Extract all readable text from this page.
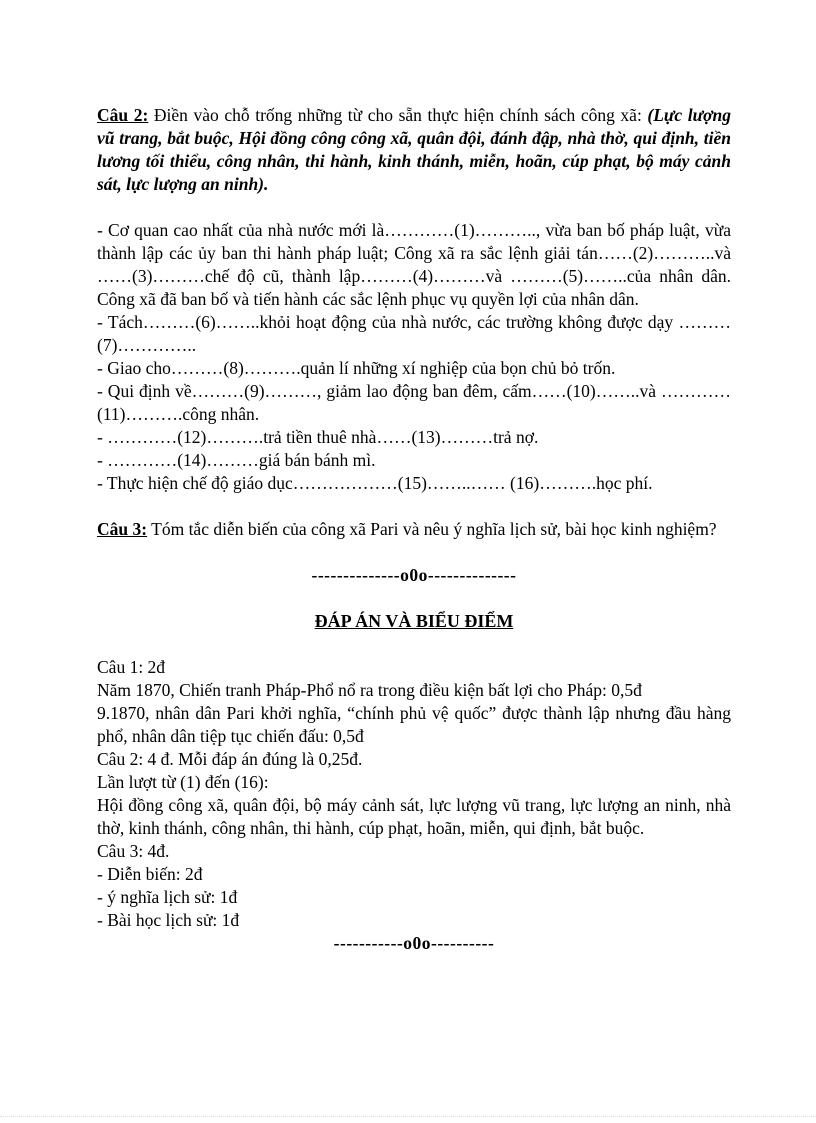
Câu 2: Điền vào chỗ trống những từ cho sẵn thực hiện chính sách công xã: (Lực lượng vũ trang, bắt buộc, Hội đồng công công xã, quân đội, đánh đập, nhà thờ, qui định, tiền lương tối thiểu, công nhân, thi hành, kinh thánh, miễn, hoãn, cúp phạt, bộ máy cảnh sát, lực lượng an ninh).

- Cơ quan cao nhất của nhà nước mới là…………(1)……….., vừa ban bố pháp luật, vừa thành lập các ủy ban thi hành pháp luật; Công xã ra sắc lệnh giải tán……(2)………..và ……(3)………chế độ cũ, thành lập………(4)………và ………(5)……..của nhân dân. Công xã đã ban bố và tiến hành các sắc lệnh phục vụ quyền lợi của nhân dân.

- Tách………(6)……..khỏi hoạt động của nhà nước, các trường không được dạy ………(7)…………..

- Giao cho………(8)……….quản lí những xí nghiệp của bọn chủ bỏ trốn.

- Qui định về………(9)………, giảm lao động ban đêm, cấm……(10)……..và …………(11)……….công nhân.

- …………(12)……….trả tiền thuê nhà……(13)………trả nợ.

- …………(14)………giá bán bánh mì.

- Thực hiện chế độ giáo dục………………(15)……..…… (16)……….học phí.

Câu 3: Tóm tắc diễn biến của công xã Pari và nêu ý nghĩa lịch sử, bài học kinh nghiệm?

--------------o0o--------------

ĐÁP ÁN VÀ BIỂU ĐIỂM

Câu 1: 2đ

Năm 1870, Chiến tranh Pháp-Phổ nổ ra trong điều kiện bất lợi cho Pháp: 0,5đ

9.1870, nhân dân Pari khởi nghĩa, “chính phủ vệ quốc” được thành lập nhưng đầu hàng phổ, nhân dân tiệp tục chiến đấu: 0,5đ

Câu 2: 4 đ. Mỗi đáp án đúng là 0,25đ.

Lần lượt từ (1) đến (16):

Hội đồng công xã, quân đội, bộ máy cảnh sát, lực lượng vũ trang, lực lượng an ninh, nhà thờ, kinh thánh, công nhân, thi hành, cúp phạt, hoãn, miễn, qui định, bắt buộc.

Câu 3: 4đ.

- Diễn biến: 2đ

- ý nghĩa lịch sử: 1đ

- Bài học lịch sử: 1đ

-----------o0o----------
